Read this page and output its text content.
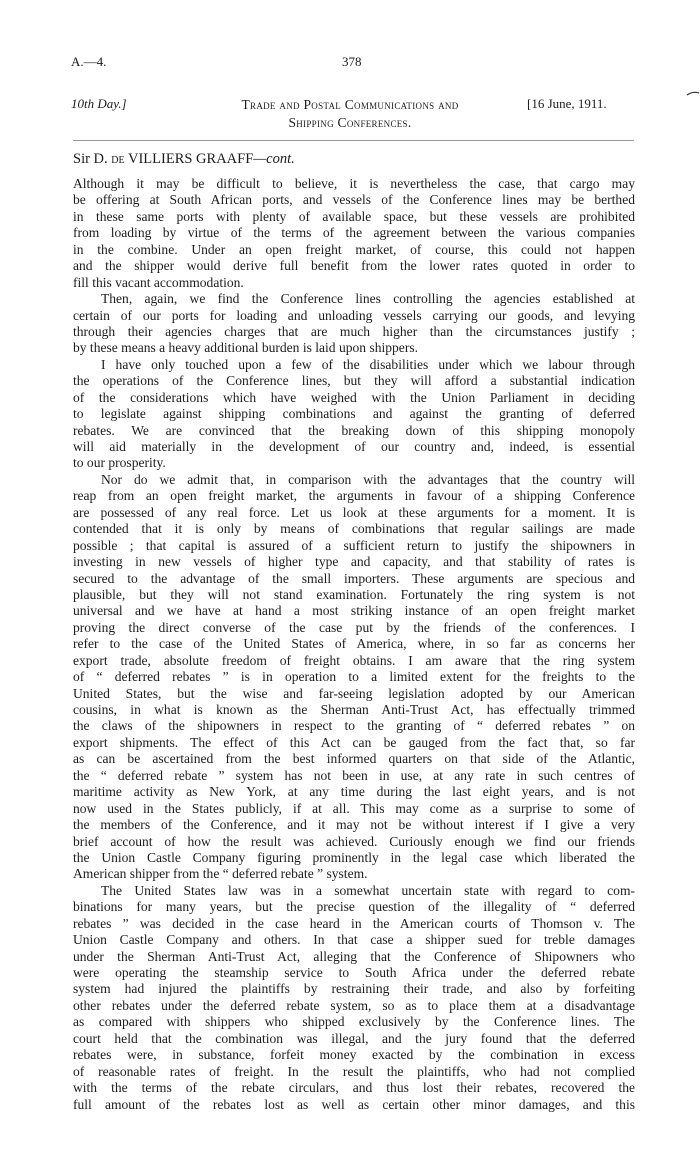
A.—4.	378
10th Day.]	Trade and Postal Communications and
Shipping Conferences.
[16 June, 1911.
Sir D. de VILLIERS GRAAFF—cont.
Although it may be difficult to believe, it is nevertheless the case, that cargo may
be offering at South African ports, and vessels of the Conference lines may be berthed
in these same ports with plenty of available space, but these vessels are prohibited
from loading by virtue of the terms of the agreement between the various companies
in the combine. Under an open freight market, of course, this could not happen
and the shipper would derive full benefit from the lower rates quoted in order to
fill this vacant accommodation.
Then, again, we find the Conference lines controlling the agencies established at
certain of our ports for loading and unloading vessels carrying our goods, and levying
through their agencies charges that are much higher than the circumstances justify ;
by these means a heavy additional burden is laid upon shippers.
I have only touched upon a few of the disabilities under which we labour through
the operations of the Conference lines, but they will afford a substantial indication
of the considerations which have weighed with the Union Parliament in deciding
to legislate against shipping combinations and against the granting of deferred
rebates. We are convinced that the breaking down of this shipping monopoly
will aid materially in the development of our country and, indeed, is essential
to our prosperity.
Nor do we admit that, in comparison with the advantages that the country will
reap from an open freight market, the arguments in favour of a shipping Conference
are possessed of any real force. Let us look at these arguments for a moment. It is
contended that it is only by means of combinations that regular sailings are made
possible ; that capital is assured of a sufficient return to justify the shipowners in
investing in new vessels of higher type and capacity, and that stability of rates is
secured to the advantage of the small importers. These arguments are specious and
plausible, but they will not stand examination. Fortunately the ring system is not
universal and we have at hand a most striking instance of an open freight market
proving the direct converse of the case put by the friends of the conferences. I
refer to the case of the United States of America, where, in so far as concerns her
export trade, absolute freedom of freight obtains. I am aware that the ring system
of “ deferred rebates ” is in operation to a limited extent for the freights to the
United States, but the wise and far-seeing legislation adopted by our American
cousins, in what is known as the Sherman Anti-Trust Act, has effectually trimmed
the claws of the shipowners in respect to the granting of “ deferred rebates ” on
export shipments. The effect of this Act can be gauged from the fact that, so far
as can be ascertained from the best informed quarters on that side of the Atlantic,
the “ deferred rebate ” system has not been in use, at any rate in such centres of
maritime activity as New York, at any time during the last eight years, and is not
now used in the States publicly, if at all. This may come as a surprise to some of
the members of the Conference, and it may not be without interest if I give a very
brief account of how the result was achieved. Curiously enough we find our friends
the Union Castle Company figuring prominently in the legal case which liberated the
American shipper from the “ deferred rebate ” system.
The United States law was in a somewhat uncertain state with regard to com-
binations for many years, but the precise question of the illegality of “ deferred
rebates ” was decided in the case heard in the American courts of Thomson v. The
Union Castle Company and others. In that case a shipper sued for treble damages
under the Sherman Anti-Trust Act, alleging that the Conference of Shipowners who
were operating the steamship service to South Africa under the deferred rebate
system had injured the plaintiffs by restraining their trade, and also by forfeiting
other rebates under the deferred rebate system, so as to place them at a disadvantage
as compared with shippers who shipped exclusively by the Conference lines. The
court held that the combination was illegal, and the jury found that the deferred
rebates were, in substance, forfeit money exacted by the combination in excess
of reasonable rates of freight. In the result the plaintiffs, who had not complied
with the terms of the rebate circulars, and thus lost their rebates, recovered the
full amount of the rebates lost as well as certain other minor damages, and this
